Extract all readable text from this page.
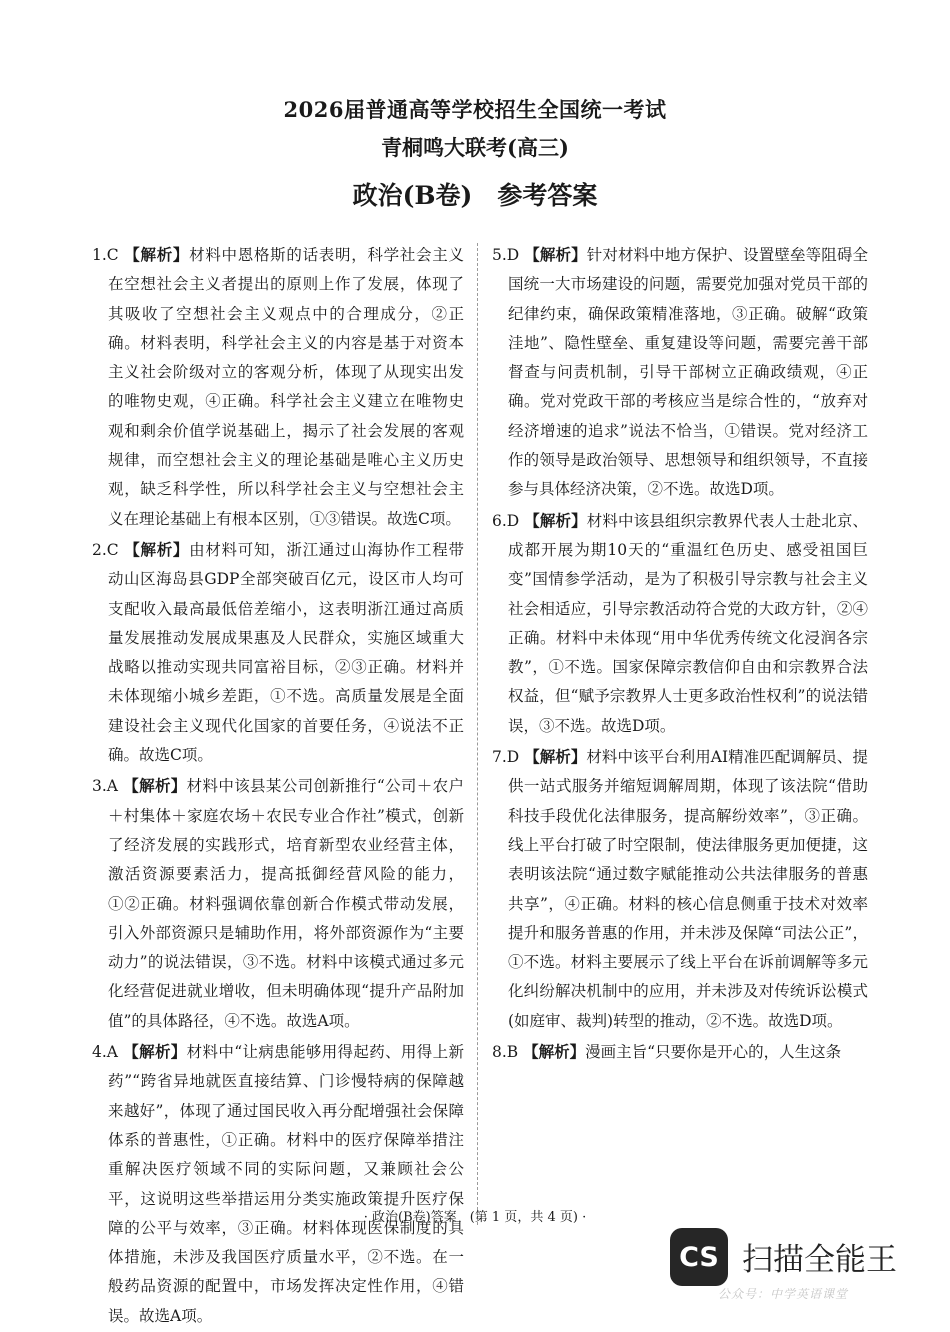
2026届普通高等学校招生全国统一考试
青桐鸣大联考(高三)
政治(B卷)　参考答案

1.C 【解析】材料中恩格斯的话表明，科学社会主义在空想社会主义者提出的原则上作了发展，体现了其吸收了空想社会主义观点中的合理成分，②正确。材料表明，科学社会主义的内容是基于对资本主义社会阶级对立的客观分析，体现了从现实出发的唯物史观，④正确。科学社会主义建立在唯物史观和剩余价值学说基础上，揭示了社会发展的客观规律，而空想社会主义的理论基础是唯心主义历史观，缺乏科学性，所以科学社会主义与空想社会主义在理论基础上有根本区别，①③错误。故选C项。

2.C 【解析】由材料可知，浙江通过山海协作工程带动山区海岛县GDP全部突破百亿元，设区市人均可支配收入最高最低倍差缩小，这表明浙江通过高质量发展推动发展成果惠及人民群众，实施区域重大战略以推动实现共同富裕目标，②③正确。材料并未体现缩小城乡差距，①不选。高质量发展是全面建设社会主义现代化国家的首要任务，④说法不正确。故选C项。

3.A 【解析】材料中该县某公司创新推行“公司＋农户＋村集体＋家庭农场＋农民专业合作社”模式，创新了经济发展的实践形式，培育新型农业经营主体，激活资源要素活力，提高抵御经营风险的能力，①②正确。材料强调依靠创新合作模式带动发展，引入外部资源只是辅助作用，将外部资源作为“主要动力”的说法错误，③不选。材料中该模式通过多元化经营促进就业增收，但未明确体现“提升产品附加值”的具体路径，④不选。故选A项。

4.A 【解析】材料中“让病患能够用得起药、用得上新药”“跨省异地就医直接结算、门诊慢特病的保障越来越好”，体现了通过国民收入再分配增强社会保障体系的普惠性，①正确。材料中的医疗保障举措注重解决医疗领域不同的实际问题，又兼顾社会公平，这说明这些举措运用分类实施政策提升医疗保障的公平与效率，③正确。材料体现医保制度的具体措施，未涉及我国医疗质量水平，②不选。在一般药品资源的配置中，市场发挥决定性作用，④错误。故选A项。

5.D 【解析】针对材料中地方保护、设置壁垒等阻碍全国统一大市场建设的问题，需要党加强对党员干部的纪律约束，确保政策精准落地，③正确。破解“政策洼地”、隐性壁垒、重复建设等问题，需要完善干部督查与问责机制，引导干部树立正确政绩观，④正确。党对党政干部的考核应当是综合性的，“放弃对经济增速的追求”说法不恰当，①错误。党对经济工作的领导是政治领导、思想领导和组织领导，不直接参与具体经济决策，②不选。故选D项。

6.D 【解析】材料中该县组织宗教界代表人士赴北京、成都开展为期10天的“重温红色历史、感受祖国巨变”国情参学活动，是为了积极引导宗教与社会主义社会相适应，引导宗教活动符合党的大政方针，②④正确。材料中未体现“用中华优秀传统文化浸润各宗教”，①不选。国家保障宗教信仰自由和宗教界合法权益，但“赋予宗教界人士更多政治性权利”的说法错误，③不选。故选D项。

7.D 【解析】材料中该平台利用AI精准匹配调解员、提供一站式服务并缩短调解周期，体现了该法院“借助科技手段优化法律服务，提高解纷效率”，③正确。线上平台打破了时空限制，使法律服务更加便捷，这表明该法院“通过数字赋能推动公共法律服务的普惠共享”，④正确。材料的核心信息侧重于技术对效率提升和服务普惠的作用，并未涉及保障“司法公正”，①不选。材料主要展示了线上平台在诉前调解等多元化纠纷解决机制中的应用，并未涉及对传统诉讼模式(如庭审、裁判)转型的推动，②不选。故选D项。

8.B 【解析】漫画主旨“只要你是开心的，人生这条

· 政治(B卷)答案　(第 1 页，共 4 页) ·
CS 扫描全能王
公众号：中学英语课堂
